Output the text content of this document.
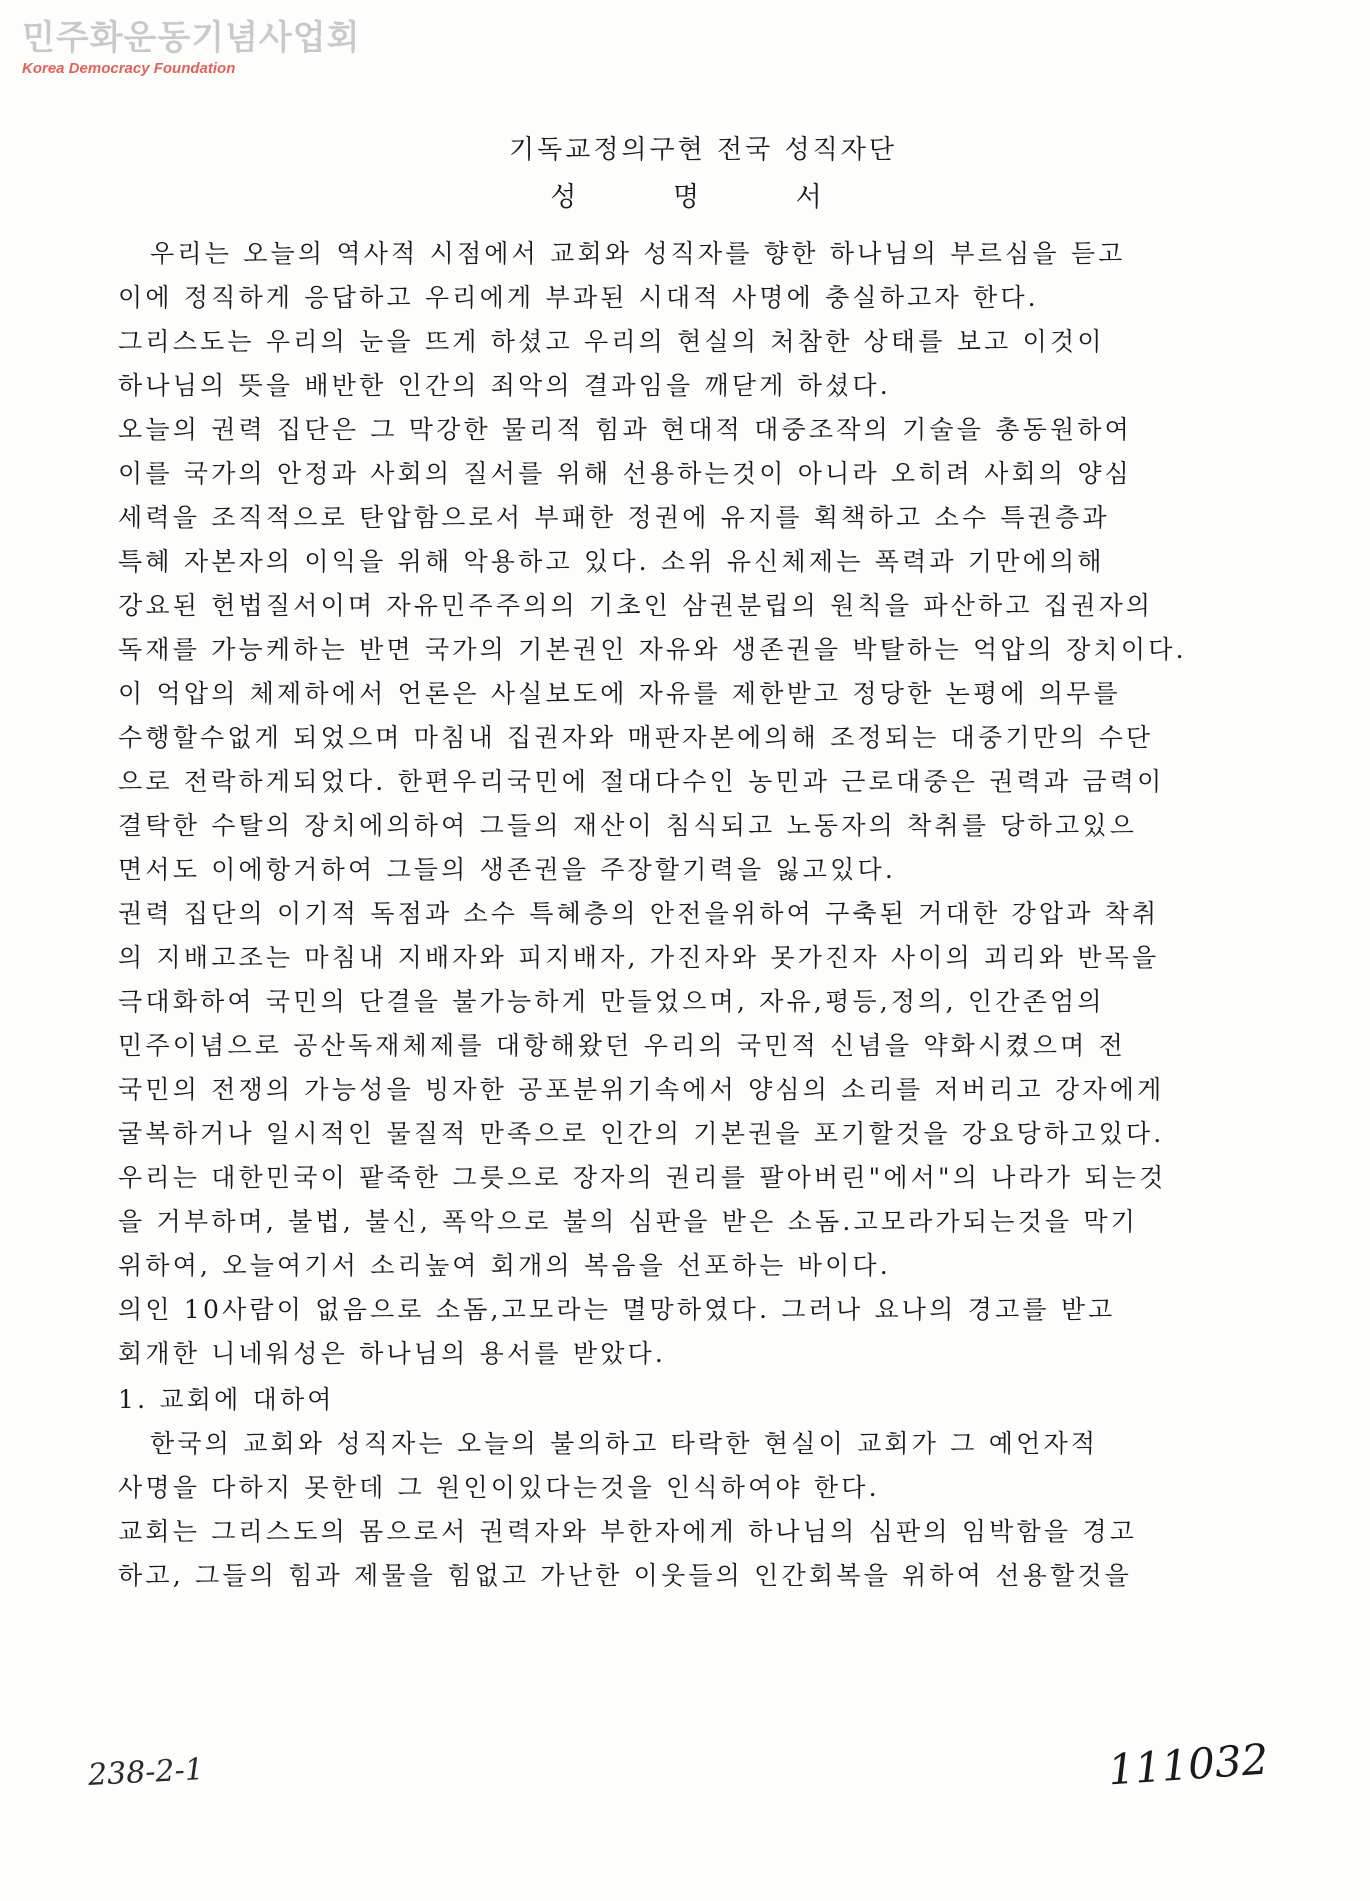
민주화운동기념사업회
Korea Democracy Foundation
기독교정의구현 전국 성직자단
성 명 서
우리는 오늘의 역사적 시점에서 교회와 성직자를 향한 하나님의 부르심을 듣고
이에 정직하게 응답하고 우리에게 부과된 시대적 사명에 충실하고자 한다.
그리스도는 우리의 눈을 뜨게 하셨고 우리의 현실의 처참한 상태를 보고 이것이
하나님의 뜻을 배반한 인간의 죄악의 결과임을 깨닫게 하셨다.
오늘의 권력 집단은 그 막강한 물리적 힘과 현대적 대중조작의 기술을 총동원하여
이를 국가의 안정과 사회의 질서를 위해 선용하는것이 아니라 오히려 사회의 양심
세력을 조직적으로 탄압함으로서 부패한 정권에 유지를 획책하고 소수 특권층과
특혜 자본자의 이익을 위해 악용하고 있다. 소위 유신체제는 폭력과 기만에의해
강요된 헌법질서이며 자유민주주의의 기초인 삼권분립의 원칙을 파산하고 집권자의
독재를 가능케하는 반면 국가의 기본권인 자유와 생존권을 박탈하는 억압의 장치이다.
이 억압의 체제하에서 언론은 사실보도에 자유를 제한받고 정당한 논평에 의무를
수행할수없게 되었으며 마침내 집권자와 매판자본에의해 조정되는 대중기만의 수단
으로 전락하게되었다. 한편우리국민에 절대다수인 농민과 근로대중은 권력과 금력이
결탁한 수탈의 장치에의하여 그들의 재산이 침식되고 노동자의 착취를 당하고있으
면서도 이에항거하여 그들의 생존권을 주장할기력을 잃고있다.
권력 집단의 이기적 독점과 소수 특혜층의 안전을위하여 구축된 거대한 강압과 착취
의 지배고조는 마침내 지배자와 피지배자, 가진자와 못가진자 사이의 괴리와 반목을
극대화하여 국민의 단결을 불가능하게 만들었으며, 자유,평등,정의, 인간존엄의
민주이념으로 공산독재체제를 대항해왔던 우리의 국민적 신념을 약화시켰으며 전
국민의 전쟁의 가능성을 빙자한 공포분위기속에서 양심의 소리를 저버리고 강자에게
굴복하거나 일시적인 물질적 만족으로 인간의 기본권을 포기할것을 강요당하고있다.
우리는 대한민국이 팥죽한 그릇으로 장자의 권리를 팔아버린"에서"의 나라가 되는것
을 거부하며, 불법, 불신, 폭악으로 불의 심판을 받은 소돔.고모라가되는것을 막기
위하여, 오늘여기서 소리높여 회개의 복음을 선포하는 바이다.
의인 10사람이 없음으로 소돔,고모라는 멸망하였다. 그러나 요나의 경고를 받고
회개한 니네워성은 하나님의 용서를 받았다.
1. 교회에 대하여
한국의 교회와 성직자는 오늘의 불의하고 타락한 현실이 교회가 그 예언자적
사명을 다하지 못한데 그 원인이있다는것을 인식하여야 한다.
교회는 그리스도의 몸으로서 권력자와 부한자에게 하나님의 심판의 임박함을 경고
하고, 그들의 힘과 제물을 힘없고 가난한 이웃들의 인간회복을 위하여 선용할것을
238-2-1	111032
